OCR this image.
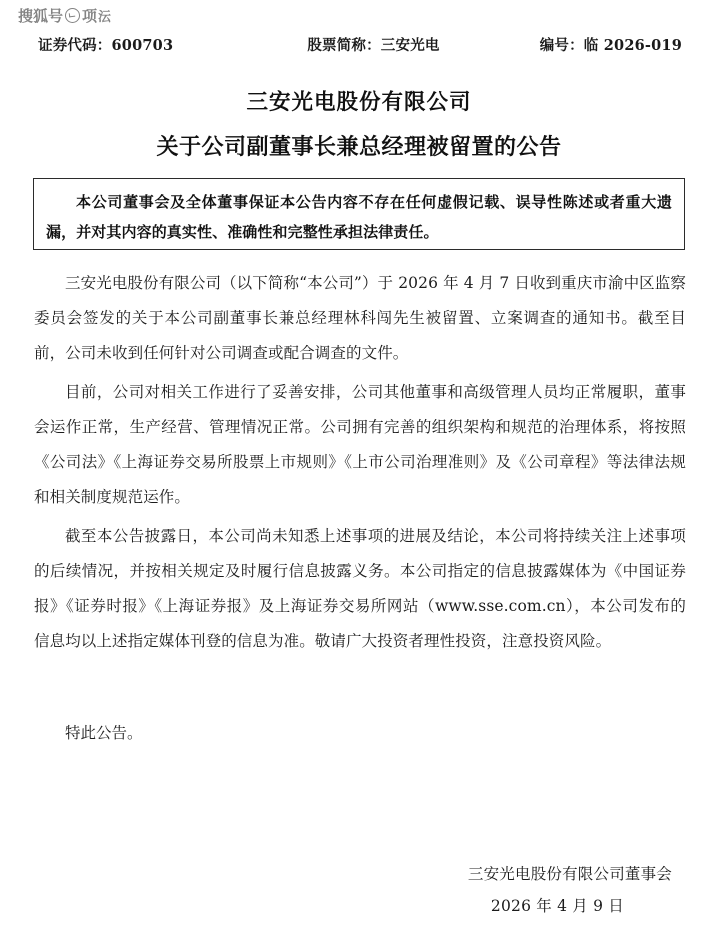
搜狐号 项 沄
证券代码：600703	股票简称：三安光电	编号：临 2026-019
三安光电股份有限公司
关于公司副董事长兼总经理被留置的公告
本公司董事会及全体董事保证本公告内容不存在任何虚假记载、误导性陈述或者重大遗漏，并对其内容的真实性、准确性和完整性承担法律责任。

三安光电股份有限公司（以下简称“本公司”）于 2026 年 4 月 7 日收到重庆市渝中区监察委员会签发的关于本公司副董事长兼总经理林科闯先生被留置、立案调查的通知书。截至目前，公司未收到任何针对公司调查或配合调查的文件。

目前，公司对相关工作进行了妥善安排，公司其他董事和高级管理人员均正常履职，董事会运作正常，生产经营、管理情况正常。公司拥有完善的组织架构和规范的治理体系，将按照《公司法》《上海证券交易所股票上市规则》《上市公司治理准则》及《公司章程》等法律法规和相关制度规范运作。

截至本公告披露日，本公司尚未知悉上述事项的进展及结论，本公司将持续关注上述事项的后续情况，并按相关规定及时履行信息披露义务。本公司指定的信息披露媒体为《中国证券报》《证券时报》《上海证券报》及上海证券交易所网站（www.sse.com.cn），本公司发布的信息均以上述指定媒体刊登的信息为准。敬请广大投资者理性投资，注意投资风险。

特此公告。
三安光电股份有限公司董事会
2026 年 4 月 9 日
